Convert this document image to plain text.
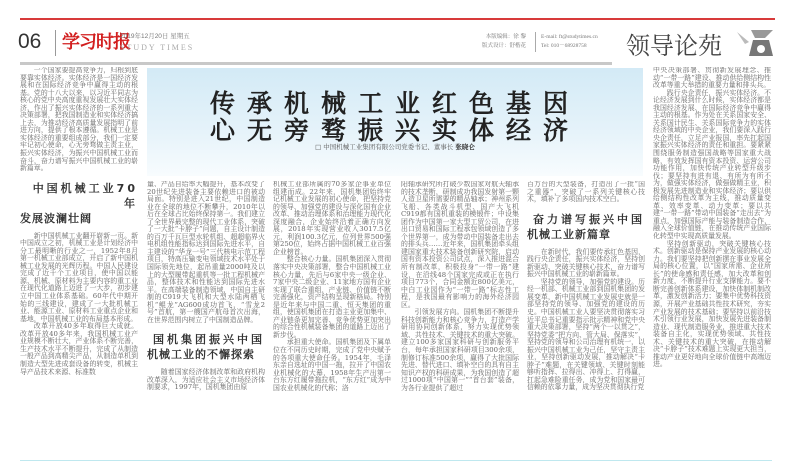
06 学习时报
2019年12月20日 星期五
STUDY TIMES
本版编辑：徐 黎
版式设计：舒楷花
E-mail: ft@studytimes.cn
Tel: 010－68928758	领导论苑
传承机械工业红色基因
心无旁骛振兴实体经济
□ 中国机械工业集团有限公司党委书记、董事长 张晓仑

一个国家要提高竞争力，归根到底要靠实体经济。实体经济是一国经济发展和在国际经济竞争中赢得主动的根基。党的十八大以来，以习近平同志为核心的党中央高度重视发展壮大实体经济，作出了振兴实体经济的一系列重大决策部署，把我国制造业和实体经济搞上去，为推动经济高质量发展指明了前进方向，提供了根本遵循。机械工业是实体经济的重要组成部分，我们一定要牢记初心使命，心无旁骛做主责主业，振兴实体经济，为振兴中国机械工业而奋斗，奋力谱写振兴中国机械工业的崭新篇章。

中国机械工业70年
发展波澜壮阔

新中国机械工业翻开崭新一页。新中国成立之初，机械工业是计划经济中分工最明晰的行业之一，1952年8月第一机械工业部成立，开启了新中国机械工业发展的光辉历程。中国人民建设完成了近千个工业项目，使中国以能源、机械、原材料为主要内容的重工业在现代化道路上迈进了一大步，初步建立中国工业体系基础。60年代中期开始的三线建设，建成了一大批机械工业、能源工业、原材料工业重点企业和基地，中国机械工业的布局基本形成。

改革开放40多年取得巨大成就。改革开放40多年来，我国机械工业产业规模不断壮大，产业体系不断完善，生产技术水平不断提升，完成了从制造一般产品到高精尖产品，从制造单机到制造大型先进成套设备的转变，机械主导产品技术来源、标准数

量、产品自给率大幅提升，基本改变了20世纪先进装备主要依赖进口的被动局面。特别是进入21世纪，中国制造业在全球的地位不断攀升，2010年以后在全球占比始终保持第一。我们建立了全世界最完整的现代工业体系，突破了一大批“卡脖子”问题，自主设计制造的百万千瓦巨型水轮机组、超超临界火电机组性能指标达到国际先进水平，自主建设的“华龙一号”三代核电示范工程项目，特高压输变电领域技术水平处于国际领先地位，起吊重量2000吨及以上的大型履带起重机等一批工程机械产品，整体技术和性能达到国际先进水平。在高端装备制造领域，中国自主研制的C919大飞机和大型水陆两栖飞机“鲲龙”AG600成功首飞，“雪龙2号”首航，第一艘国产航母首次出海，在世界范围内树立了中国制造品牌。

国机集团振兴中国
机械工业的不懈探索

随着国家经济体制改革和政府机构改革深入，为适应社会主义市场经济体制要求，1997年，国机集团由原

机械工业部所属的70多家企事业单位组建而成。22年来，国机集团始终牢记机械工业发展的初心使命，把坚持党的领导、加强党的建设与深化国有企业改革、推动治理体系和治理能力现代化深度融合，企业始终沿着正确方向发展，2018年实现营业收入3017.5亿元，利润100.3亿元，位列世界500强第250位，始终占据中国机械工业百强企业榜首。

整合核心力量。国机集团深入贯彻落实中央决策部署，整合中国机械工业核心力量，先后与6家中央一级企业、7家中央二级企业、11家地方国有企业实现了联合重组，产业链、价值链不断完善强化，资产结构呈现新格局。特别是近年来与中国二重、恒天集团的重组，使国机集团在打造主业更加集中、产业链条更加完善、竞争优势更加突出的综合性机械装备集团的道路上迈出了新步伐。

承担重大使命。国机集团及下属单位在不同历史时期，完成了党中央赋予的各项重大使命任务。1954年，毛泽东亲自选址的中国一拖，拉开了中国农业机械化的大幕，1958年生产出第一台东方红履带拖拉机，“东方红”成为中国农业机械化的代称；洛

阳轴承研究所打破少数国家对航天轴承的技术垄断，研制成功我国发射第一颗人造卫星所需要的精品轴承；神州系列飞船、各类战斗机型、国产大飞机C919都有国机重装的模锻件；中设集团作为中国第一家大型工贸公司，在进出口贸易和国际工程承包领域创造了多个世界第一，成为带动中国装备走出去的排头兵……近年来，国机集团牵头组建国家重大技术装备创新研究院，启动国有资本投资公司试点，深入推进混合所有制改革，积极投身“一带一路”建设，在沿线48个国家完成或正在执行项目773个，合同金额近800亿美元，中白工业园作为“一带一路”标志性工程，是我国最有影响力的海外经济园区。

引领发展方向。国机集团不断提升科技创新能力和核心竞争力，打造产学研用协同创新体系，努力实现优势领域、共性技术、关键技术的重大突破。建立100多家国家科研与创新服务平台，每年承担国家科研项目300余项，制修订标准500余项，赢得了大批国际先进、替代进口、填补空白的具有自主知识产权的科研成果，为我国创造了超过1000项“中国第一”“首台套”装备，为各行业提供了超过

百万台的大型装备，打造出了一批“国之重器”，突破了一系列关键核心技术，填补了多项国内技术空白。

奋力谱写振兴中国
机械工业新篇章

在新时代，我们要传承红色基因，践行央企责任，振兴实体经济，坚持创新驱动、突破关键核心技术，奋力谱写振兴中国机械工业的崭新篇章。

坚持党的领导，加强党的建设。历经一机部、机械工业部到国机集团的发展变革，新中国机械工业发展史就是一部坚持党的领导、加强党的建设的历史。中国机械工业人要坚决贯彻落实习近平总书记重要指示批示精神和党中央重大决策部署，坚持“两个一以贯之”，坚持党委“把方向、管大局、保落实”，坚持党的领导和公司治理有机统一，以振兴中国机械工业为己任，坚守主责主业，坚持创新驱动发展，推动解决“卡脖子”难题，在关键领域、关键时刻能够听指挥、拉得出、冲得上、打得赢，扛起急难险重任务，成为党和国家最可信赖的依靠力量，成为坚决贯彻执行党

中央决策部署、贯彻新发展理念、推动“一带一路”建设、推动供给侧结构性改革等重大举措的重要力量和排头兵。

践行央企责任，振兴实体经济。不论经济发展到什么时候，实体经济都是我国经济发展、在国际经济竞争中赢得主动的根基。作为处在关系国家安全、关系国计民生、关系国际竞争力的实体经济领域的中央企业，我们要深入践行央企责任，立足产业报国，率先扛起国家振兴实体经济的责任和重担。要紧紧围绕服务制造强国战略等国家重大战略，有效发挥国有资本投资、运营公司功能作用，加快传统产业转型升级步伐；要坚持有进有退、有所为有所不为，做强实体经济，做强做精主业，积极发展先进制造业和实体经济；要以供给侧结构性改革为主线，推动质量变革、效率变革、动力变革；要以共建“一带一路”带动中国装备“走出去”为重点，加强国际产能与装备制造合作，融入全球价值链，在推动传统产业国际化转型中实现高质量发展。

坚持创新驱动，突破关键核心技术。创新驱动是保持产业发展的核心动力。我们要坚持把创新摆在事业发展全局的核心位置，以“国家所需、企业所长”的使命感和责任感，加大改革和创新力度，不断提升行业支撑能力。要不断完善创新体系建设，加快体制机制改革，激发创新活力；要集中优势科技资源，开展产业基础共性技术研究，夯实产业发展的技术基础；要坚持以前沿技术引领行业发展，加快发展先进装备制造业、现代制造服务业，推进重大技术装备自主化，实现优势领域、共性技术、关键技术的重大突破，在推动解决“卡脖子”技术难题上实现更大担当，推动产业更好地向全球价值链中高端迈进。
